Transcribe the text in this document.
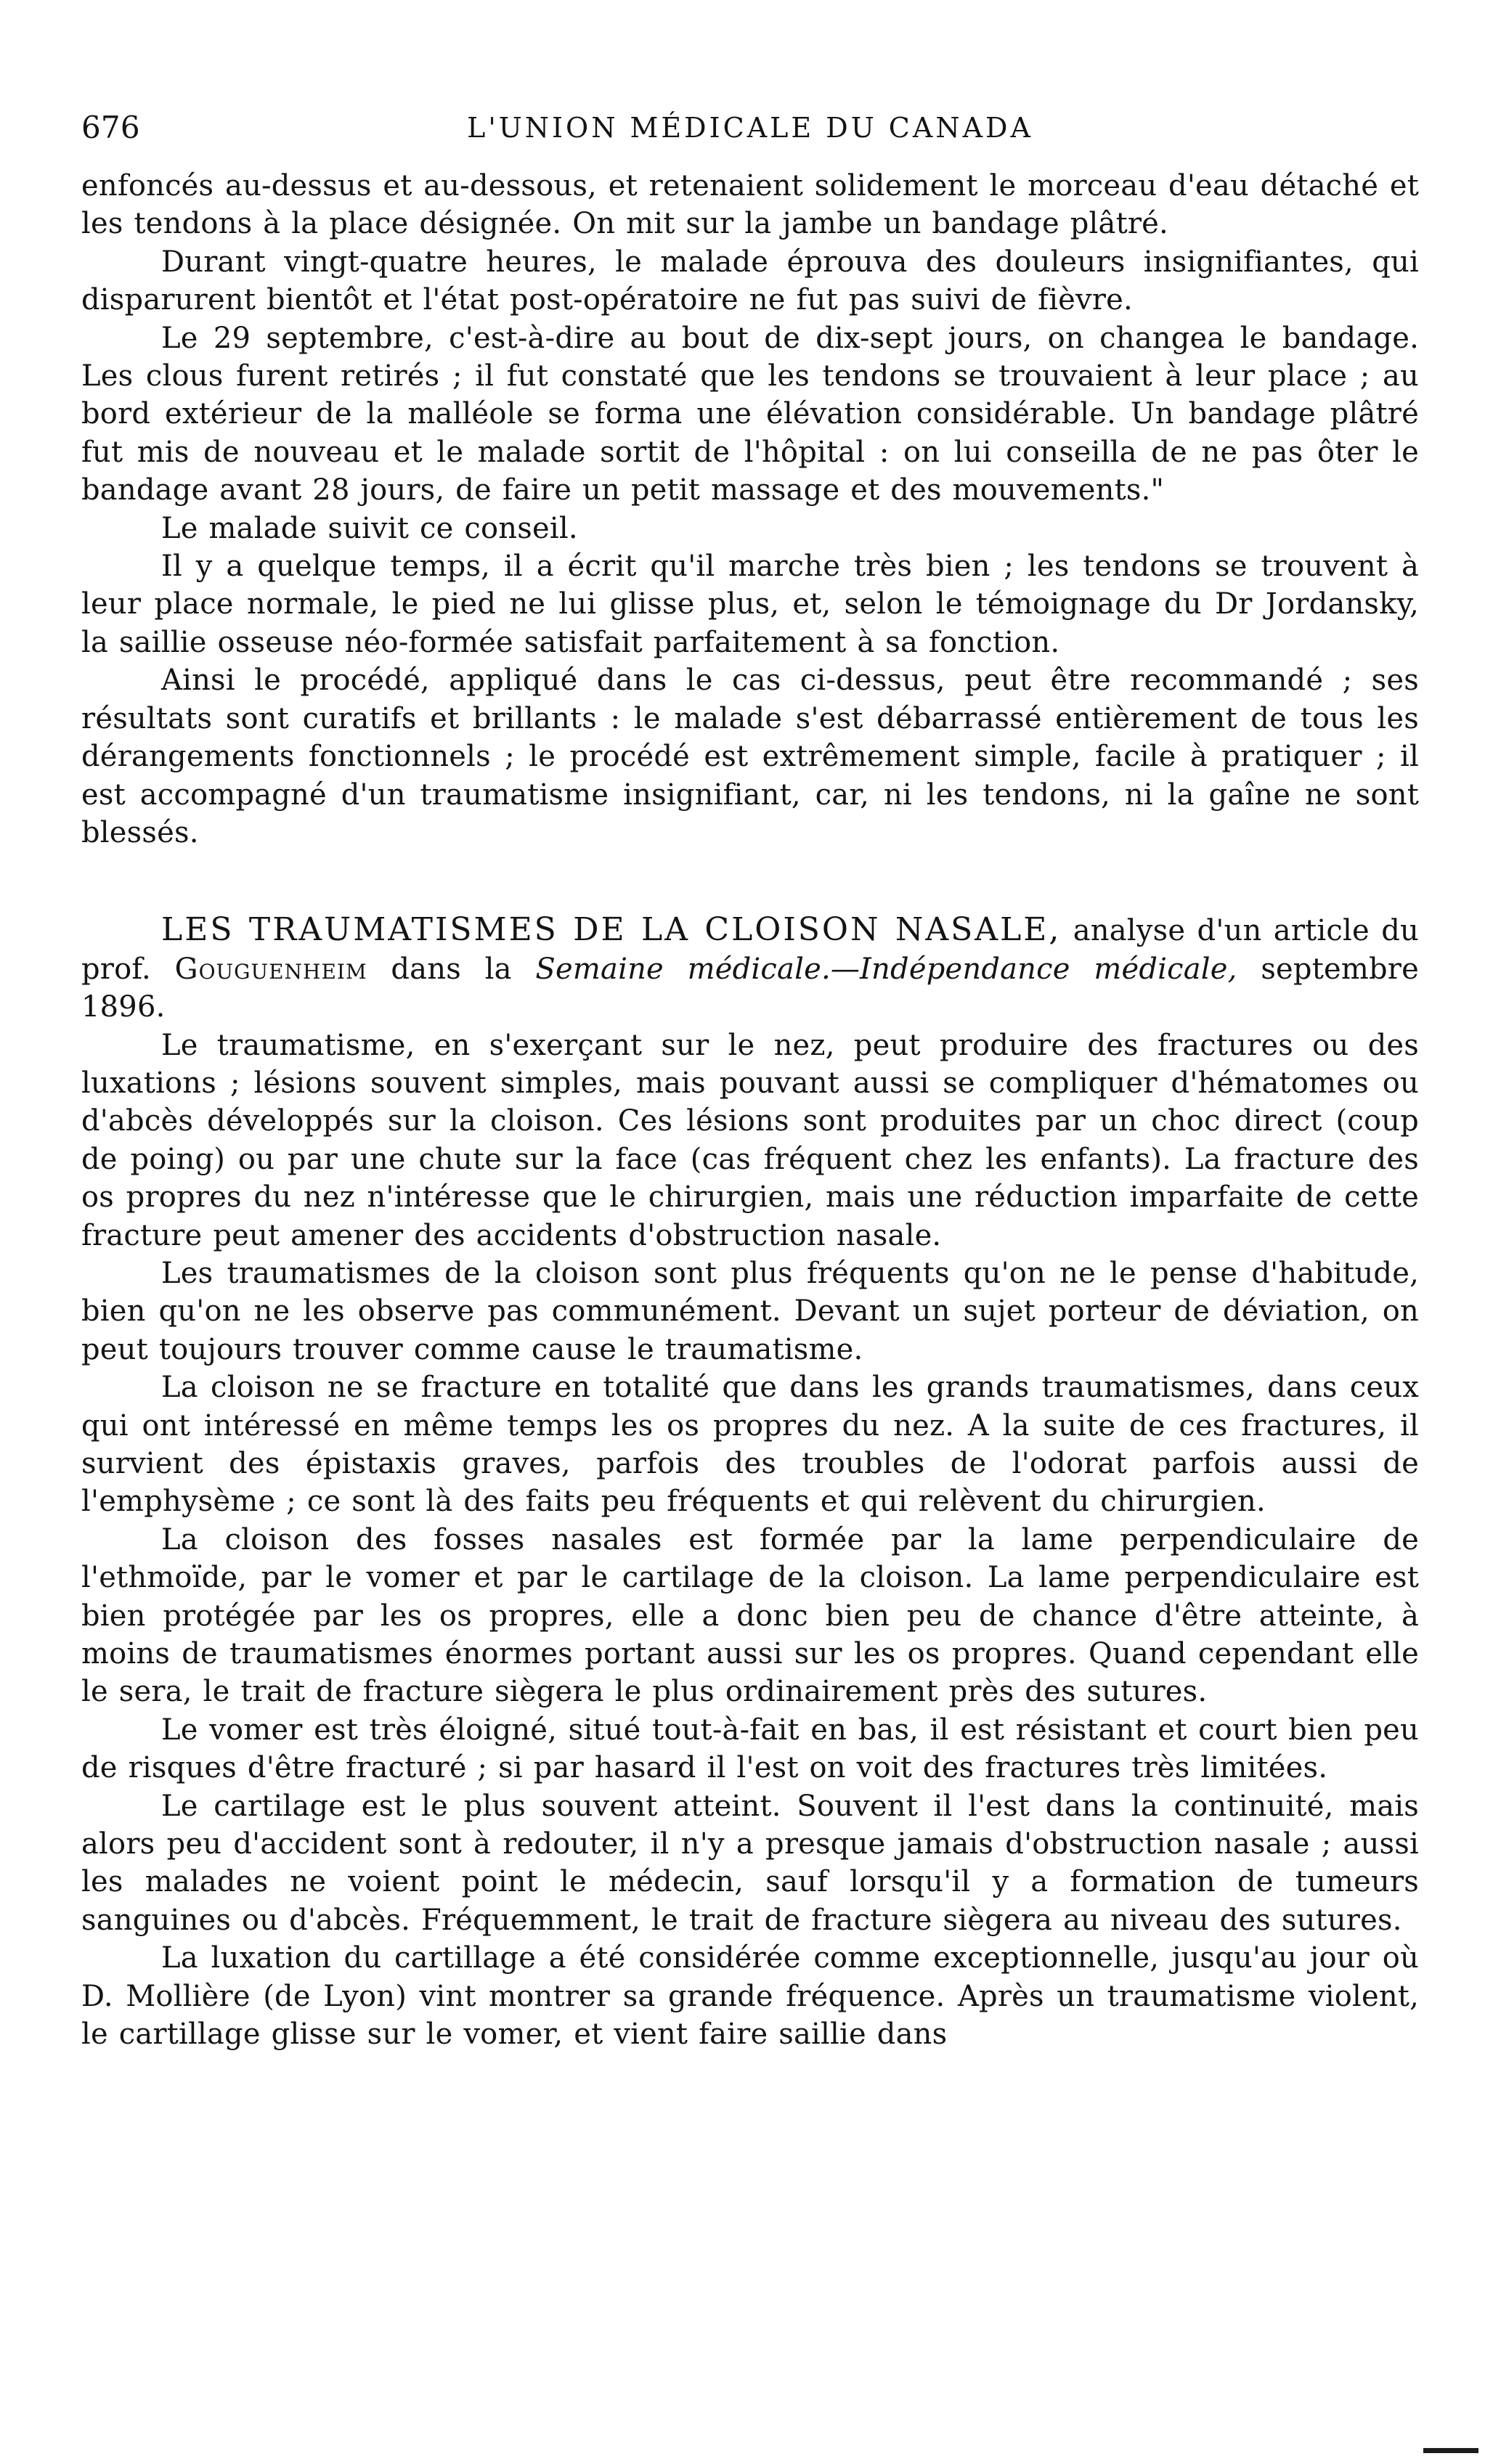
676	L'UNION MÉDICALE DU CANADA

enfoncés au-dessus et au-dessous, et retenaient solidement le morceau d'eau détaché et les tendons à la place désignée. On mit sur la jambe un bandage plâtré.

Durant vingt-quatre heures, le malade éprouva des douleurs insignifiantes, qui disparurent bientôt et l'état post-opératoire ne fut pas suivi de fièvre.

Le 29 septembre, c'est-à-dire au bout de dix-sept jours, on changea le bandage. Les clous furent retirés ; il fut constaté que les tendons se trouvaient à leur place ; au bord extérieur de la malléole se forma une élévation considérable. Un bandage plâtré fut mis de nouveau et le malade sortit de l'hôpital : on lui conseilla de ne pas ôter le bandage avant 28 jours, de faire un petit massage et des mouvements."

Le malade suivit ce conseil.

Il y a quelque temps, il a écrit qu'il marche très bien ; les tendons se trouvent à leur place normale, le pied ne lui glisse plus, et, selon le témoignage du Dr Jordansky, la saillie osseuse néo-formée satisfait parfaitement à sa fonction.

Ainsi le procédé, appliqué dans le cas ci-dessus, peut être recommandé ; ses résultats sont curatifs et brillants : le malade s'est débarrassé entièrement de tous les dérangements fonctionnels ; le procédé est extrêmement simple, facile à pratiquer ; il est accompagné d'un traumatisme insignifiant, car, ni les tendons, ni la gaîne ne sont blessés.

LES TRAUMATISMES DE LA CLOISON NASALE, analyse d'un article du prof. Gouguenheim dans la Semaine médicale.—Indépendance médicale, septembre 1896.

Le traumatisme, en s'exerçant sur le nez, peut produire des fractures ou des luxations ; lésions souvent simples, mais pouvant aussi se compliquer d'hématomes ou d'abcès développés sur la cloison. Ces lésions sont produites par un choc direct (coup de poing) ou par une chute sur la face (cas fréquent chez les enfants). La fracture des os propres du nez n'intéresse que le chirurgien, mais une réduction imparfaite de cette fracture peut amener des accidents d'obstruction nasale.

Les traumatismes de la cloison sont plus fréquents qu'on ne le pense d'habitude, bien qu'on ne les observe pas communément. Devant un sujet porteur de déviation, on peut toujours trouver comme cause le traumatisme.

La cloison ne se fracture en totalité que dans les grands traumatismes, dans ceux qui ont intéressé en même temps les os propres du nez. A la suite de ces fractures, il survient des épistaxis graves, parfois des troubles de l'odorat parfois aussi de l'emphysème ; ce sont là des faits peu fréquents et qui relèvent du chirurgien.

La cloison des fosses nasales est formée par la lame perpendiculaire de l'ethmoïde, par le vomer et par le cartilage de la cloison. La lame perpendiculaire est bien protégée par les os propres, elle a donc bien peu de chance d'être atteinte, à moins de traumatismes énormes portant aussi sur les os propres. Quand cependant elle le sera, le trait de fracture siègera le plus ordinairement près des sutures.

Le vomer est très éloigné, situé tout-à-fait en bas, il est résistant et court bien peu de risques d'être fracturé ; si par hasard il l'est on voit des fractures très limitées.

Le cartilage est le plus souvent atteint. Souvent il l'est dans la continuité, mais alors peu d'accident sont à redouter, il n'y a presque jamais d'obstruction nasale ; aussi les malades ne voient point le médecin, sauf lorsqu'il y a formation de tumeurs sanguines ou d'abcès. Fréquemment, le trait de fracture siègera au niveau des sutures.

La luxation du cartillage a été considérée comme exceptionnelle, jusqu'au jour où D. Mollière (de Lyon) vint montrer sa grande fréquence. Après un traumatisme violent, le cartillage glisse sur le vomer, et vient faire saillie dans
